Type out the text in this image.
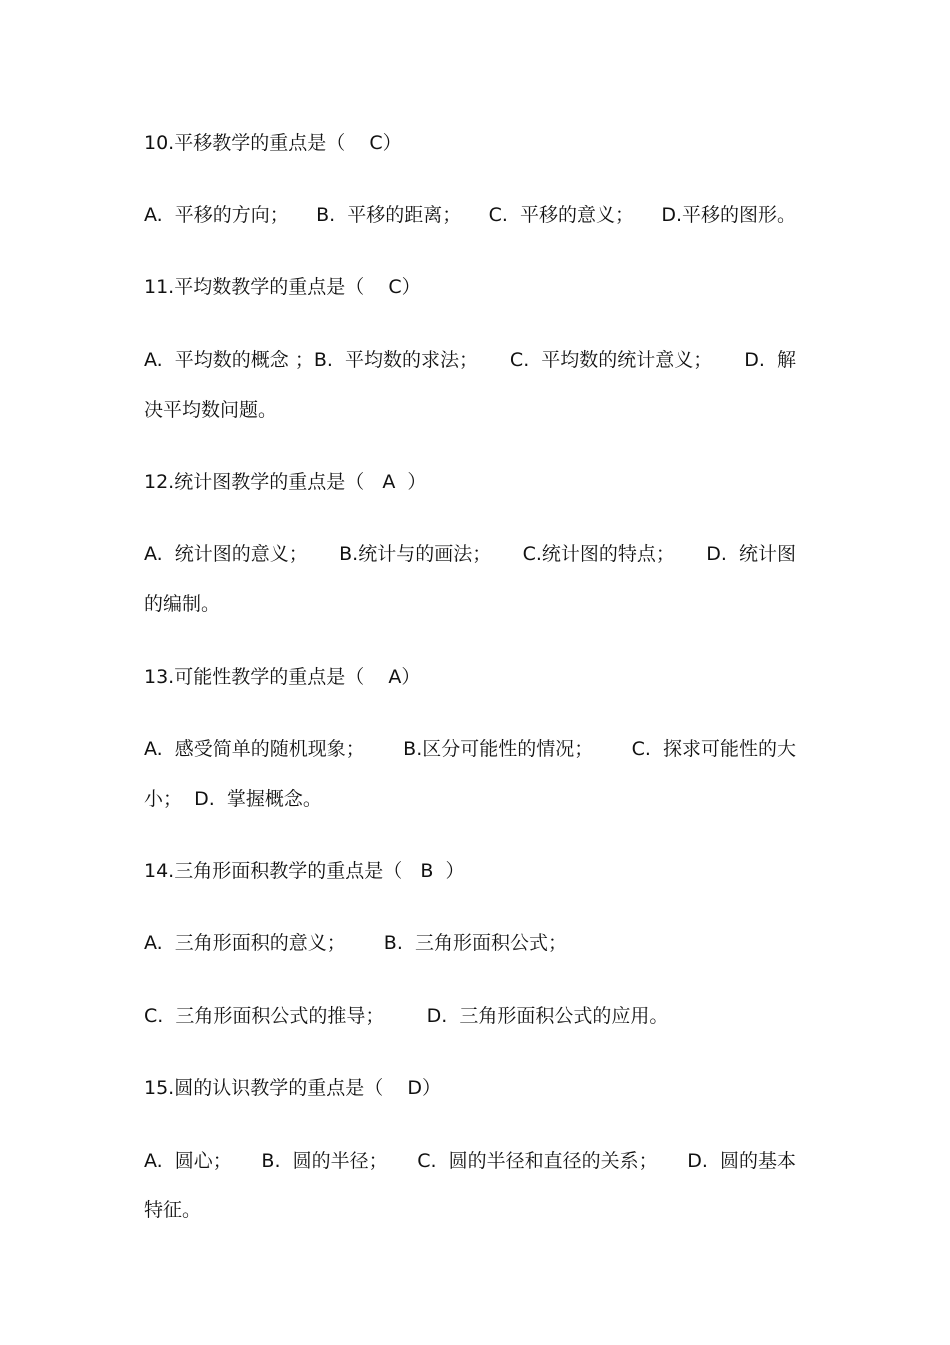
10.平移教学的重点是（    C）
A.  平移的方向； B.  平移的距离； C.  平移的意义； D.平移的图形。
11.平均数教学的重点是（    C）
A.  平均数的概念 ；B.  平均数的求法； C.  平均数的统计意义； D.  解
决平均数问题。
12.统计图教学的重点是（   A  ）
A.  统计图的意义； B.统计与的画法； C.统计图的特点； D.  统计图
的编制。
13.可能性教学的重点是（    A）
A.  感受简单的随机现象； B.区分可能性的情况； C.  探求可能性的大
小；  D.  掌握概念。
14.三角形面积教学的重点是（   B  ）
A.  三角形面积的意义； B.  三角形面积公式；
C.  三角形面积公式的推导；       D.  三角形面积公式的应用。
15.圆的认识教学的重点是（    D）
A.  圆心； B.  圆的半径； C.  圆的半径和直径的关系； D.  圆的基本
特征。
